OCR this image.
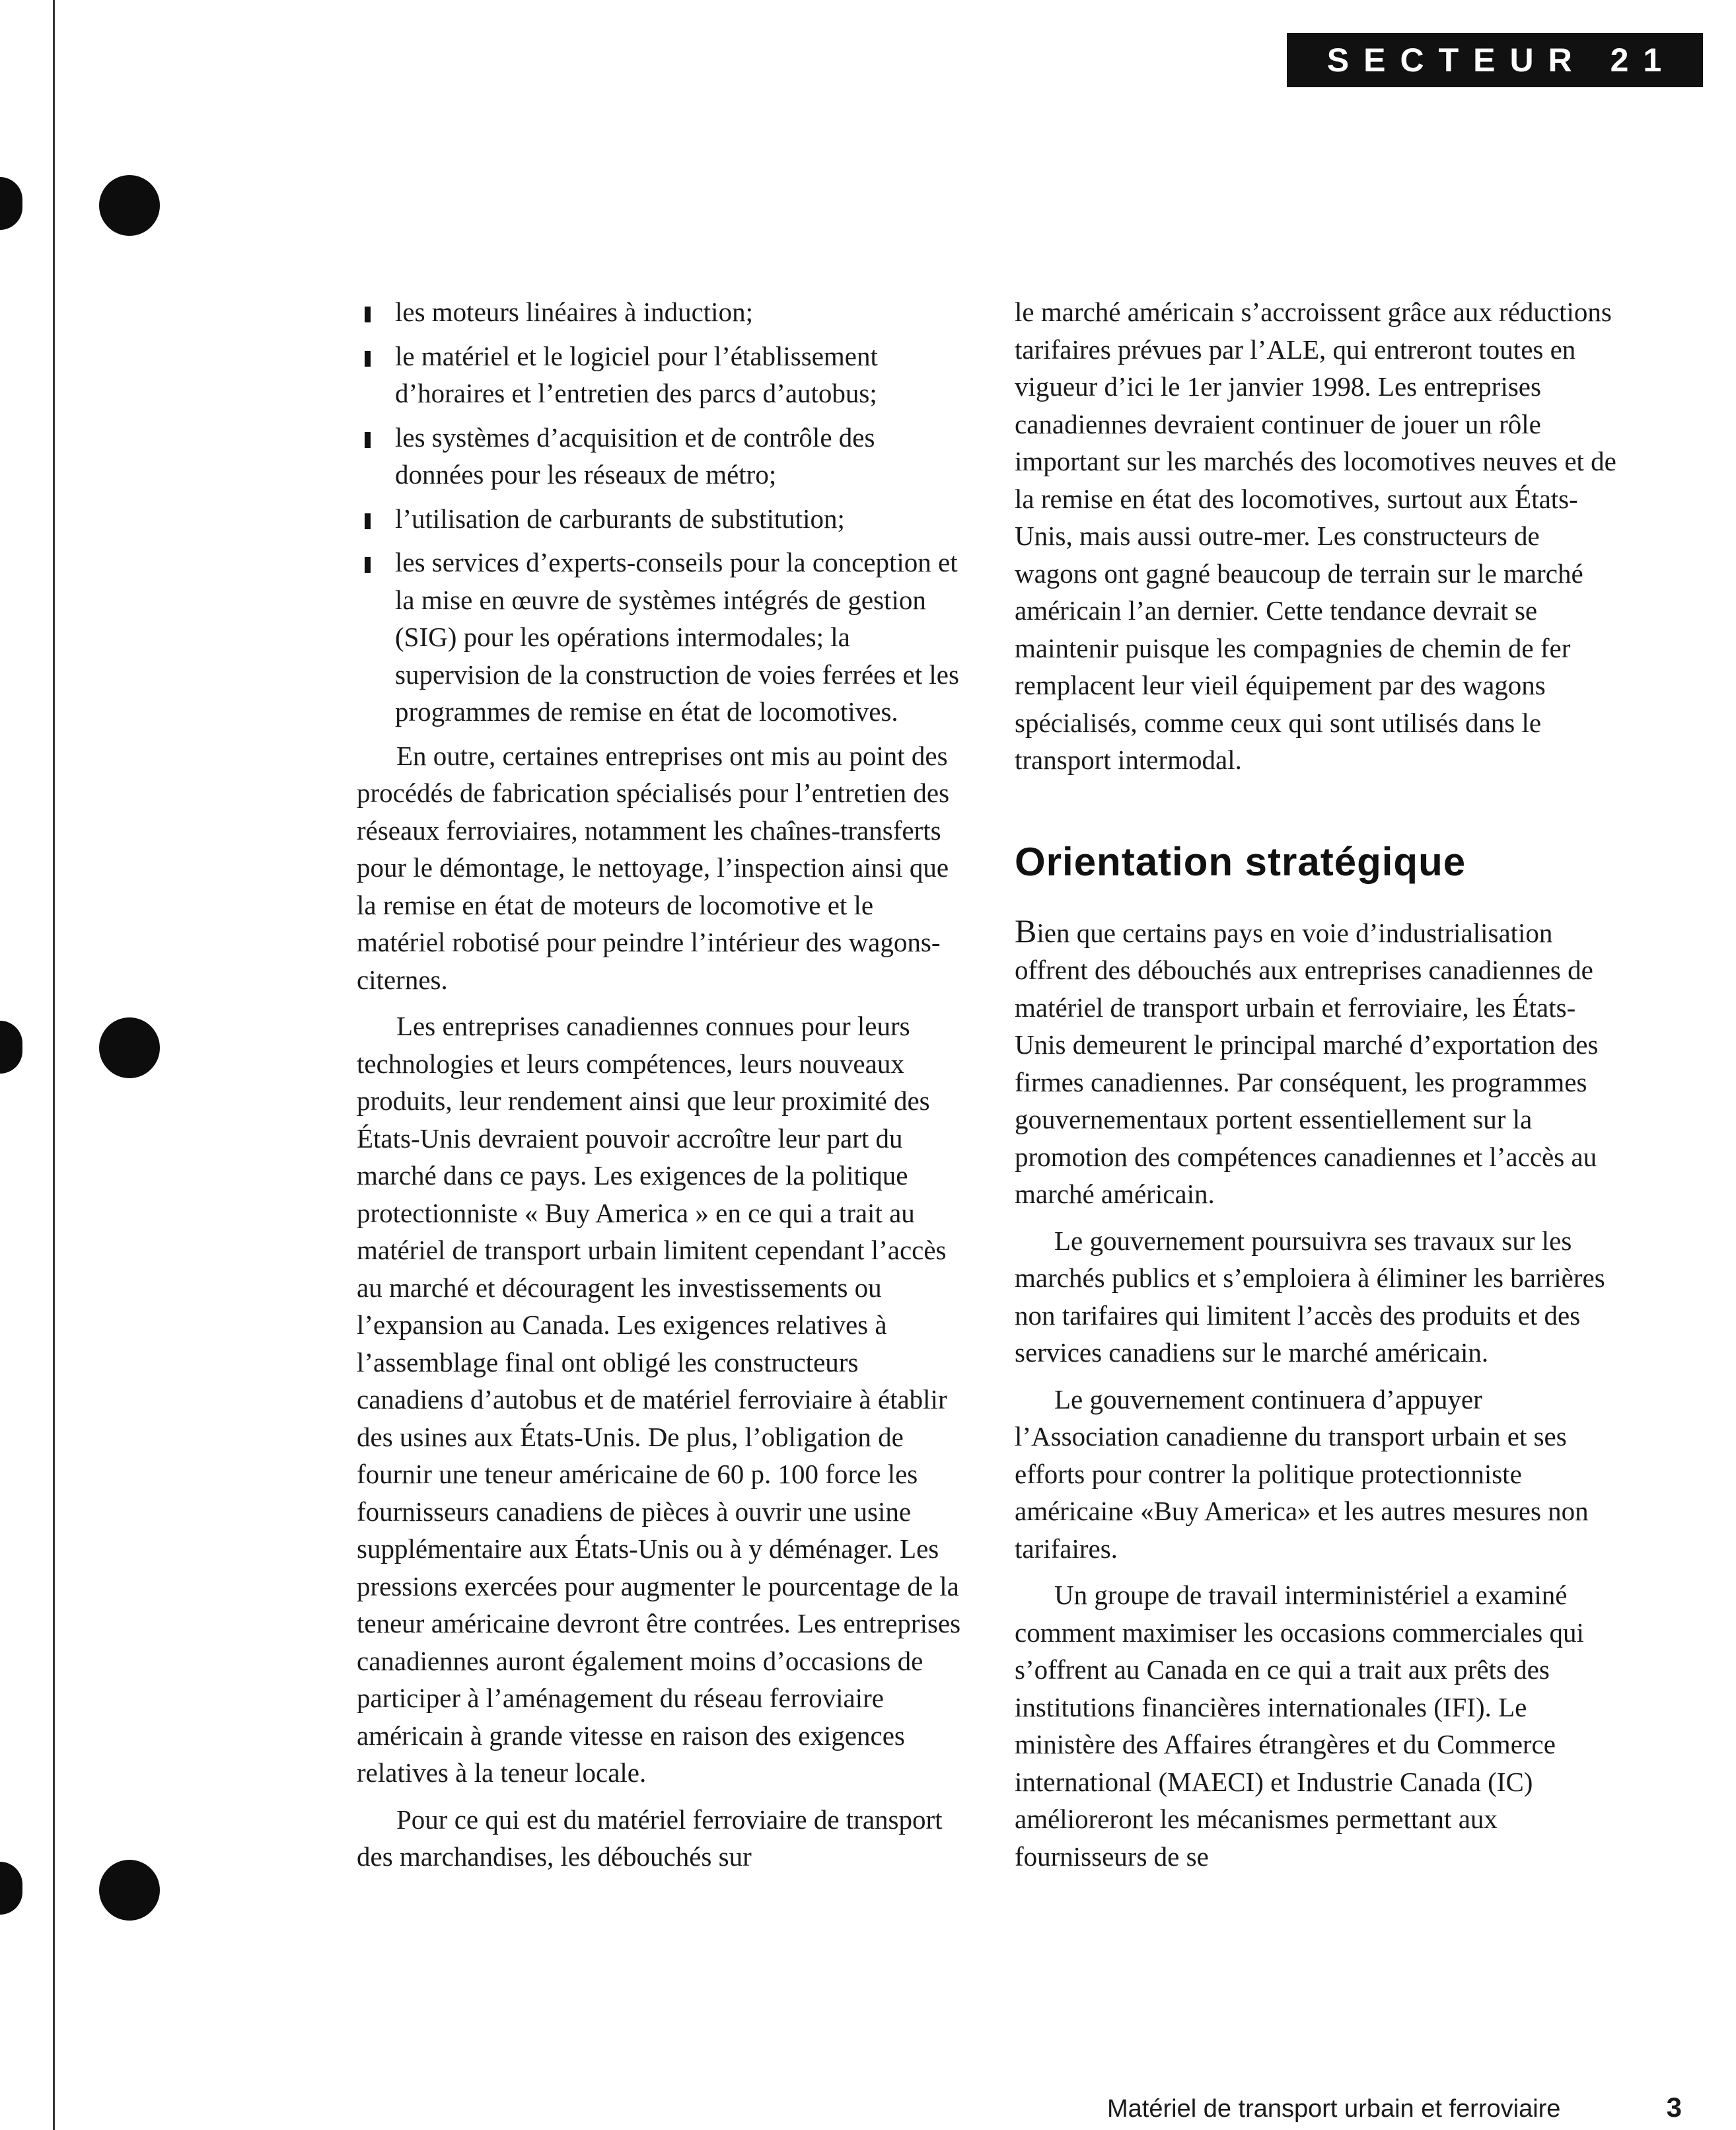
SECTEUR 21
les moteurs linéaires à induction;
le matériel et le logiciel pour l’établissement d’horaires et l’entretien des parcs d’autobus;
les systèmes d’acquisition et de contrôle des données pour les réseaux de métro;
l’utilisation de carburants de substitution;
les services d’experts-conseils pour la conception et la mise en œuvre de systèmes intégrés de gestion (SIG) pour les opérations intermodales; la supervision de la construction de voies ferrées et les programmes de remise en état de locomotives.

En outre, certaines entreprises ont mis au point des procédés de fabrication spécialisés pour l’entretien des réseaux ferroviaires, notamment les chaînes-transferts pour le démontage, le nettoyage, l’inspection ainsi que la remise en état de moteurs de locomotive et le matériel robotisé pour peindre l’intérieur des wagons-citernes.

Les entreprises canadiennes connues pour leurs technologies et leurs compétences, leurs nouveaux produits, leur rendement ainsi que leur proximité des États-Unis devraient pouvoir accroître leur part du marché dans ce pays. Les exigences de la politique protectionniste « Buy America » en ce qui a trait au matériel de transport urbain limitent cependant l’accès au marché et découragent les investissements ou l’expansion au Canada. Les exigences relatives à l’assemblage final ont obligé les constructeurs canadiens d’autobus et de matériel ferroviaire à établir des usines aux États-Unis. De plus, l’obligation de fournir une teneur américaine de 60 p. 100 force les fournisseurs canadiens de pièces à ouvrir une usine supplémentaire aux États-Unis ou à y déménager. Les pressions exercées pour augmenter le pourcentage de la teneur américaine devront être contrées. Les entreprises canadiennes auront également moins d’occasions de participer à l’aménagement du réseau ferroviaire américain à grande vitesse en raison des exigences relatives à la teneur locale.

Pour ce qui est du matériel ferroviaire de transport des marchandises, les débouchés sur

le marché américain s’accroissent grâce aux réductions tarifaires prévues par l’ALE, qui entreront toutes en vigueur d’ici le 1er janvier 1998. Les entreprises canadiennes devraient continuer de jouer un rôle important sur les marchés des locomotives neuves et de la remise en état des locomotives, surtout aux États-Unis, mais aussi outre-mer. Les constructeurs de wagons ont gagné beaucoup de terrain sur le marché américain l’an dernier. Cette tendance devrait se maintenir puisque les compagnies de chemin de fer remplacent leur vieil équipement par des wagons spécialisés, comme ceux qui sont utilisés dans le transport intermodal.

Orientation stratégique

Bien que certains pays en voie d’industrialisation offrent des débouchés aux entreprises canadiennes de matériel de transport urbain et ferroviaire, les États-Unis demeurent le principal marché d’exportation des firmes canadiennes. Par conséquent, les programmes gouvernementaux portent essentiellement sur la promotion des compétences canadiennes et l’accès au marché américain.

Le gouvernement poursuivra ses travaux sur les marchés publics et s’emploiera à éliminer les barrières non tarifaires qui limitent l’accès des produits et des services canadiens sur le marché américain.

Le gouvernement continuera d’appuyer l’Association canadienne du transport urbain et ses efforts pour contrer la politique protectionniste américaine «Buy America» et les autres mesures non tarifaires.

Un groupe de travail interministériel a examiné comment maximiser les occasions commerciales qui s’offrent au Canada en ce qui a trait aux prêts des institutions financières internationales (IFI). Le ministère des Affaires étrangères et du Commerce international (MAECI) et Industrie Canada (IC) amélioreront les mécanismes permettant aux fournisseurs de se

Matériel de transport urbain et ferroviaire	3
